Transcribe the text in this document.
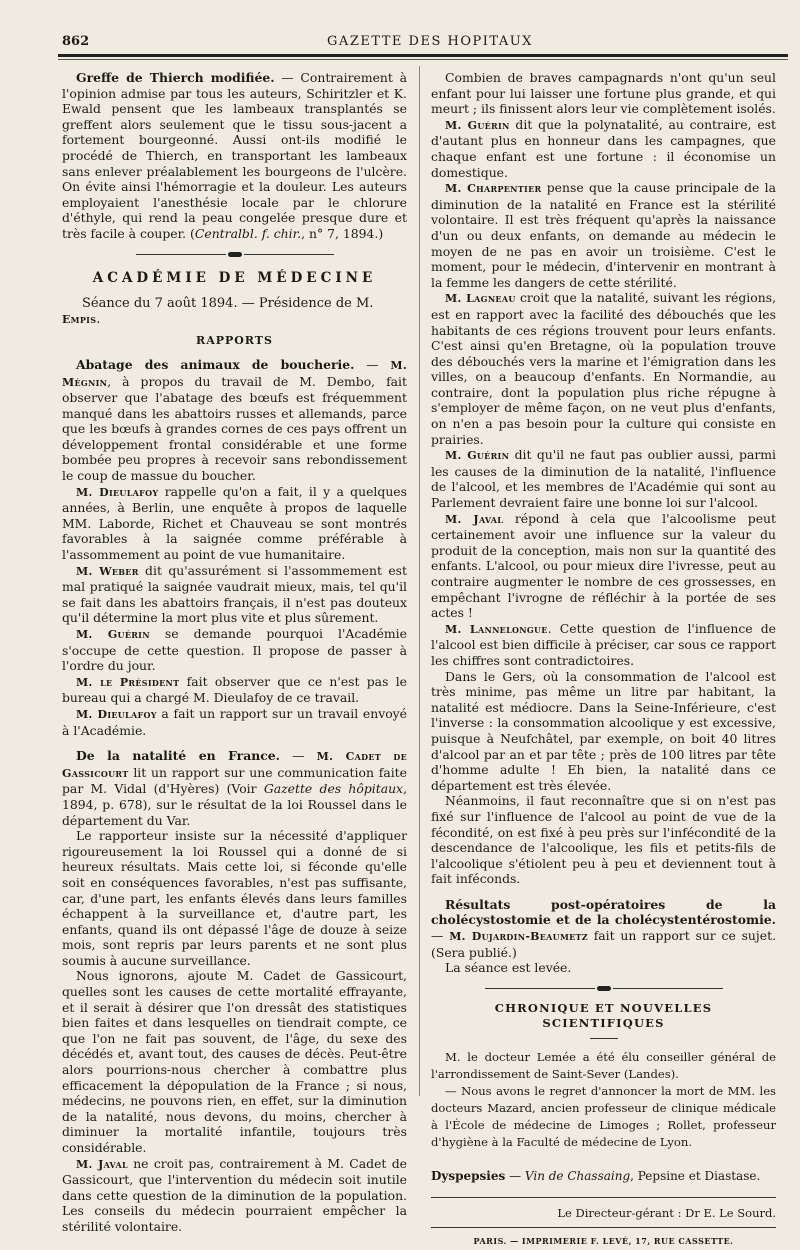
862	GAZETTE DES HOPITAUX

Greffe de Thierch modifiée. — Contrairement à l'opinion admise par tous les auteurs, Schiritzler et K. Ewald pensent que les lambeaux transplantés se greffent alors seulement que le tissu sous-jacent a fortement bourgeonné. Aussi ont-ils modifié le procédé de Thierch, en transportant les lambeaux sans enlever préalablement les bourgeons de l'ulcère. On évite ainsi l'hémorragie et la douleur. Les auteurs employaient l'anesthésie locale par le chlorure d'éthyle, qui rend la peau congelée presque dure et très facile à couper. (Centralbl. f. chir., n° 7, 1894.)

ACADÉMIE DE MÉDECINE

Séance du 7 août 1894. — Présidence de M. Empis.

RAPPORTS

Abatage des animaux de boucherie. — M. Mégnin, à propos du travail de M. Dembo, fait observer que l'abatage des bœufs est fréquemment manqué dans les abattoirs russes et allemands, parce que les bœufs à grandes cornes de ces pays offrent un développement frontal considérable et une forme bombée peu propres à recevoir sans rebondissement le coup de massue du boucher.

M. Dieulafoy rappelle qu'on a fait, il y a quelques années, à Berlin, une enquête à propos de laquelle MM. Laborde, Richet et Chauveau se sont montrés favorables à la saignée comme préférable à l'assommement au point de vue humanitaire.

M. Weber dit qu'assurément si l'assommement est mal pratiqué la saignée vaudrait mieux, mais, tel qu'il se fait dans les abattoirs français, il n'est pas douteux qu'il détermine la mort plus vite et plus sûrement.

M. Guérin se demande pourquoi l'Académie s'occupe de cette question. Il propose de passer à l'ordre du jour.

M. le Président fait observer que ce n'est pas le bureau qui a chargé M. Dieulafoy de ce travail.

M. Dieulafoy a fait un rapport sur un travail envoyé à l'Académie.

De la natalité en France. — M. Cadet de Gassicourt lit un rapport sur une communication faite par M. Vidal (d'Hyères) (Voir Gazette des hôpitaux, 1894, p. 678), sur le résultat de la loi Roussel dans le département du Var.

Le rapporteur insiste sur la nécessité d'appliquer rigoureusement la loi Roussel qui a donné de si heureux résultats. Mais cette loi, si féconde qu'elle soit en conséquences favorables, n'est pas suffisante, car, d'une part, les enfants élevés dans leurs familles échappent à la surveillance et, d'autre part, les enfants, quand ils ont dépassé l'âge de douze à seize mois, sont repris par leurs parents et ne sont plus soumis à aucune surveillance.

Nous ignorons, ajoute M. Cadet de Gassicourt, quelles sont les causes de cette mortalité effrayante, et il serait à désirer que l'on dressât des statistiques bien faites et dans lesquelles on tiendrait compte, ce que l'on ne fait pas souvent, de l'âge, du sexe des décédés et, avant tout, des causes de décès. Peut-être alors pourrions-nous chercher à combattre plus efficacement la dépopulation de la France ; si nous, médecins, ne pouvons rien, en effet, sur la diminution de la natalité, nous devons, du moins, chercher à diminuer la mortalité infantile, toujours très considérable.

M. Javal ne croit pas, contrairement à M. Cadet de Gassicourt, que l'intervention du médecin soit inutile dans cette question de la diminution de la population. Les conseils du médecin pourraient empêcher la stérilité volontaire.

Combien de braves campagnards n'ont qu'un seul enfant pour lui laisser une fortune plus grande, et qui meurt ; ils finissent alors leur vie complètement isolés.

M. Guérin dit que la polynatalité, au contraire, est d'autant plus en honneur dans les campagnes, que chaque enfant est une fortune : il économise un domestique.

M. Charpentier pense que la cause principale de la diminution de la natalité en France est la stérilité volontaire. Il est très fréquent qu'après la naissance d'un ou deux enfants, on demande au médecin le moyen de ne pas en avoir un troisième. C'est le moment, pour le médecin, d'intervenir en montrant à la femme les dangers de cette stérilité.

M. Lagneau croit que la natalité, suivant les régions, est en rapport avec la facilité des débouchés que les habitants de ces régions trouvent pour leurs enfants. C'est ainsi qu'en Bretagne, où la population trouve des débouchés vers la marine et l'émigration dans les villes, on a beaucoup d'enfants. En Normandie, au contraire, dont la population plus riche répugne à s'employer de même façon, on ne veut plus d'enfants, on n'en a pas besoin pour la culture qui consiste en prairies.

M. Guérin dit qu'il ne faut pas oublier aussi, parmi les causes de la diminution de la natalité, l'influence de l'alcool, et les membres de l'Académie qui sont au Parlement devraient faire une bonne loi sur l'alcool.

M. Javal répond à cela que l'alcoolisme peut certainement avoir une influence sur la valeur du produit de la conception, mais non sur la quantité des enfants. L'alcool, ou pour mieux dire l'ivresse, peut au contraire augmenter le nombre de ces grossesses, en empêchant l'ivrogne de réfléchir à la portée de ses actes !

M. Lannelongue. Cette question de l'influence de l'alcool est bien difficile à préciser, car sous ce rapport les chiffres sont contradictoires.

Dans le Gers, où la consommation de l'alcool est très minime, pas même un litre par habitant, la natalité est médiocre. Dans la Seine-Inférieure, c'est l'inverse : la consommation alcoolique y est excessive, puisque à Neufchâtel, par exemple, on boit 40 litres d'alcool par an et par tête ; près de 100 litres par tête d'homme adulte ! Eh bien, la natalité dans ce département est très élevée.

Néanmoins, il faut reconnaître que si on n'est pas fixé sur l'influence de l'alcool au point de vue de la fécondité, on est fixé à peu près sur l'infécondité de la descendance de l'alcoolique, les fils et petits-fils de l'alcoolique s'étiolent peu à peu et deviennent tout à fait inféconds.

Résultats post-opératoires de la cholécystostomie et de la cholécystentérostomie. — M. Dujardin-Beaumetz fait un rapport sur ce sujet. (Sera publié.)

La séance est levée.

CHRONIQUE ET NOUVELLES SCIENTIFIQUES

M. le docteur Lemée a été élu conseiller général de l'arrondissement de Saint-Sever (Landes).

— Nous avons le regret d'annoncer la mort de MM. les docteurs Mazard, ancien professeur de clinique médicale à l'École de médecine de Limoges ; Rollet, professeur d'hygiène à la Faculté de médecine de Lyon.

Dyspepsies — Vin de Chassaing, Pepsine et Diastase.

Le Directeur-gérant : Dr E. Le Sourd.

PARIS. — IMPRIMERIE F. LEVÉ, 17, RUE CASSETTE.
